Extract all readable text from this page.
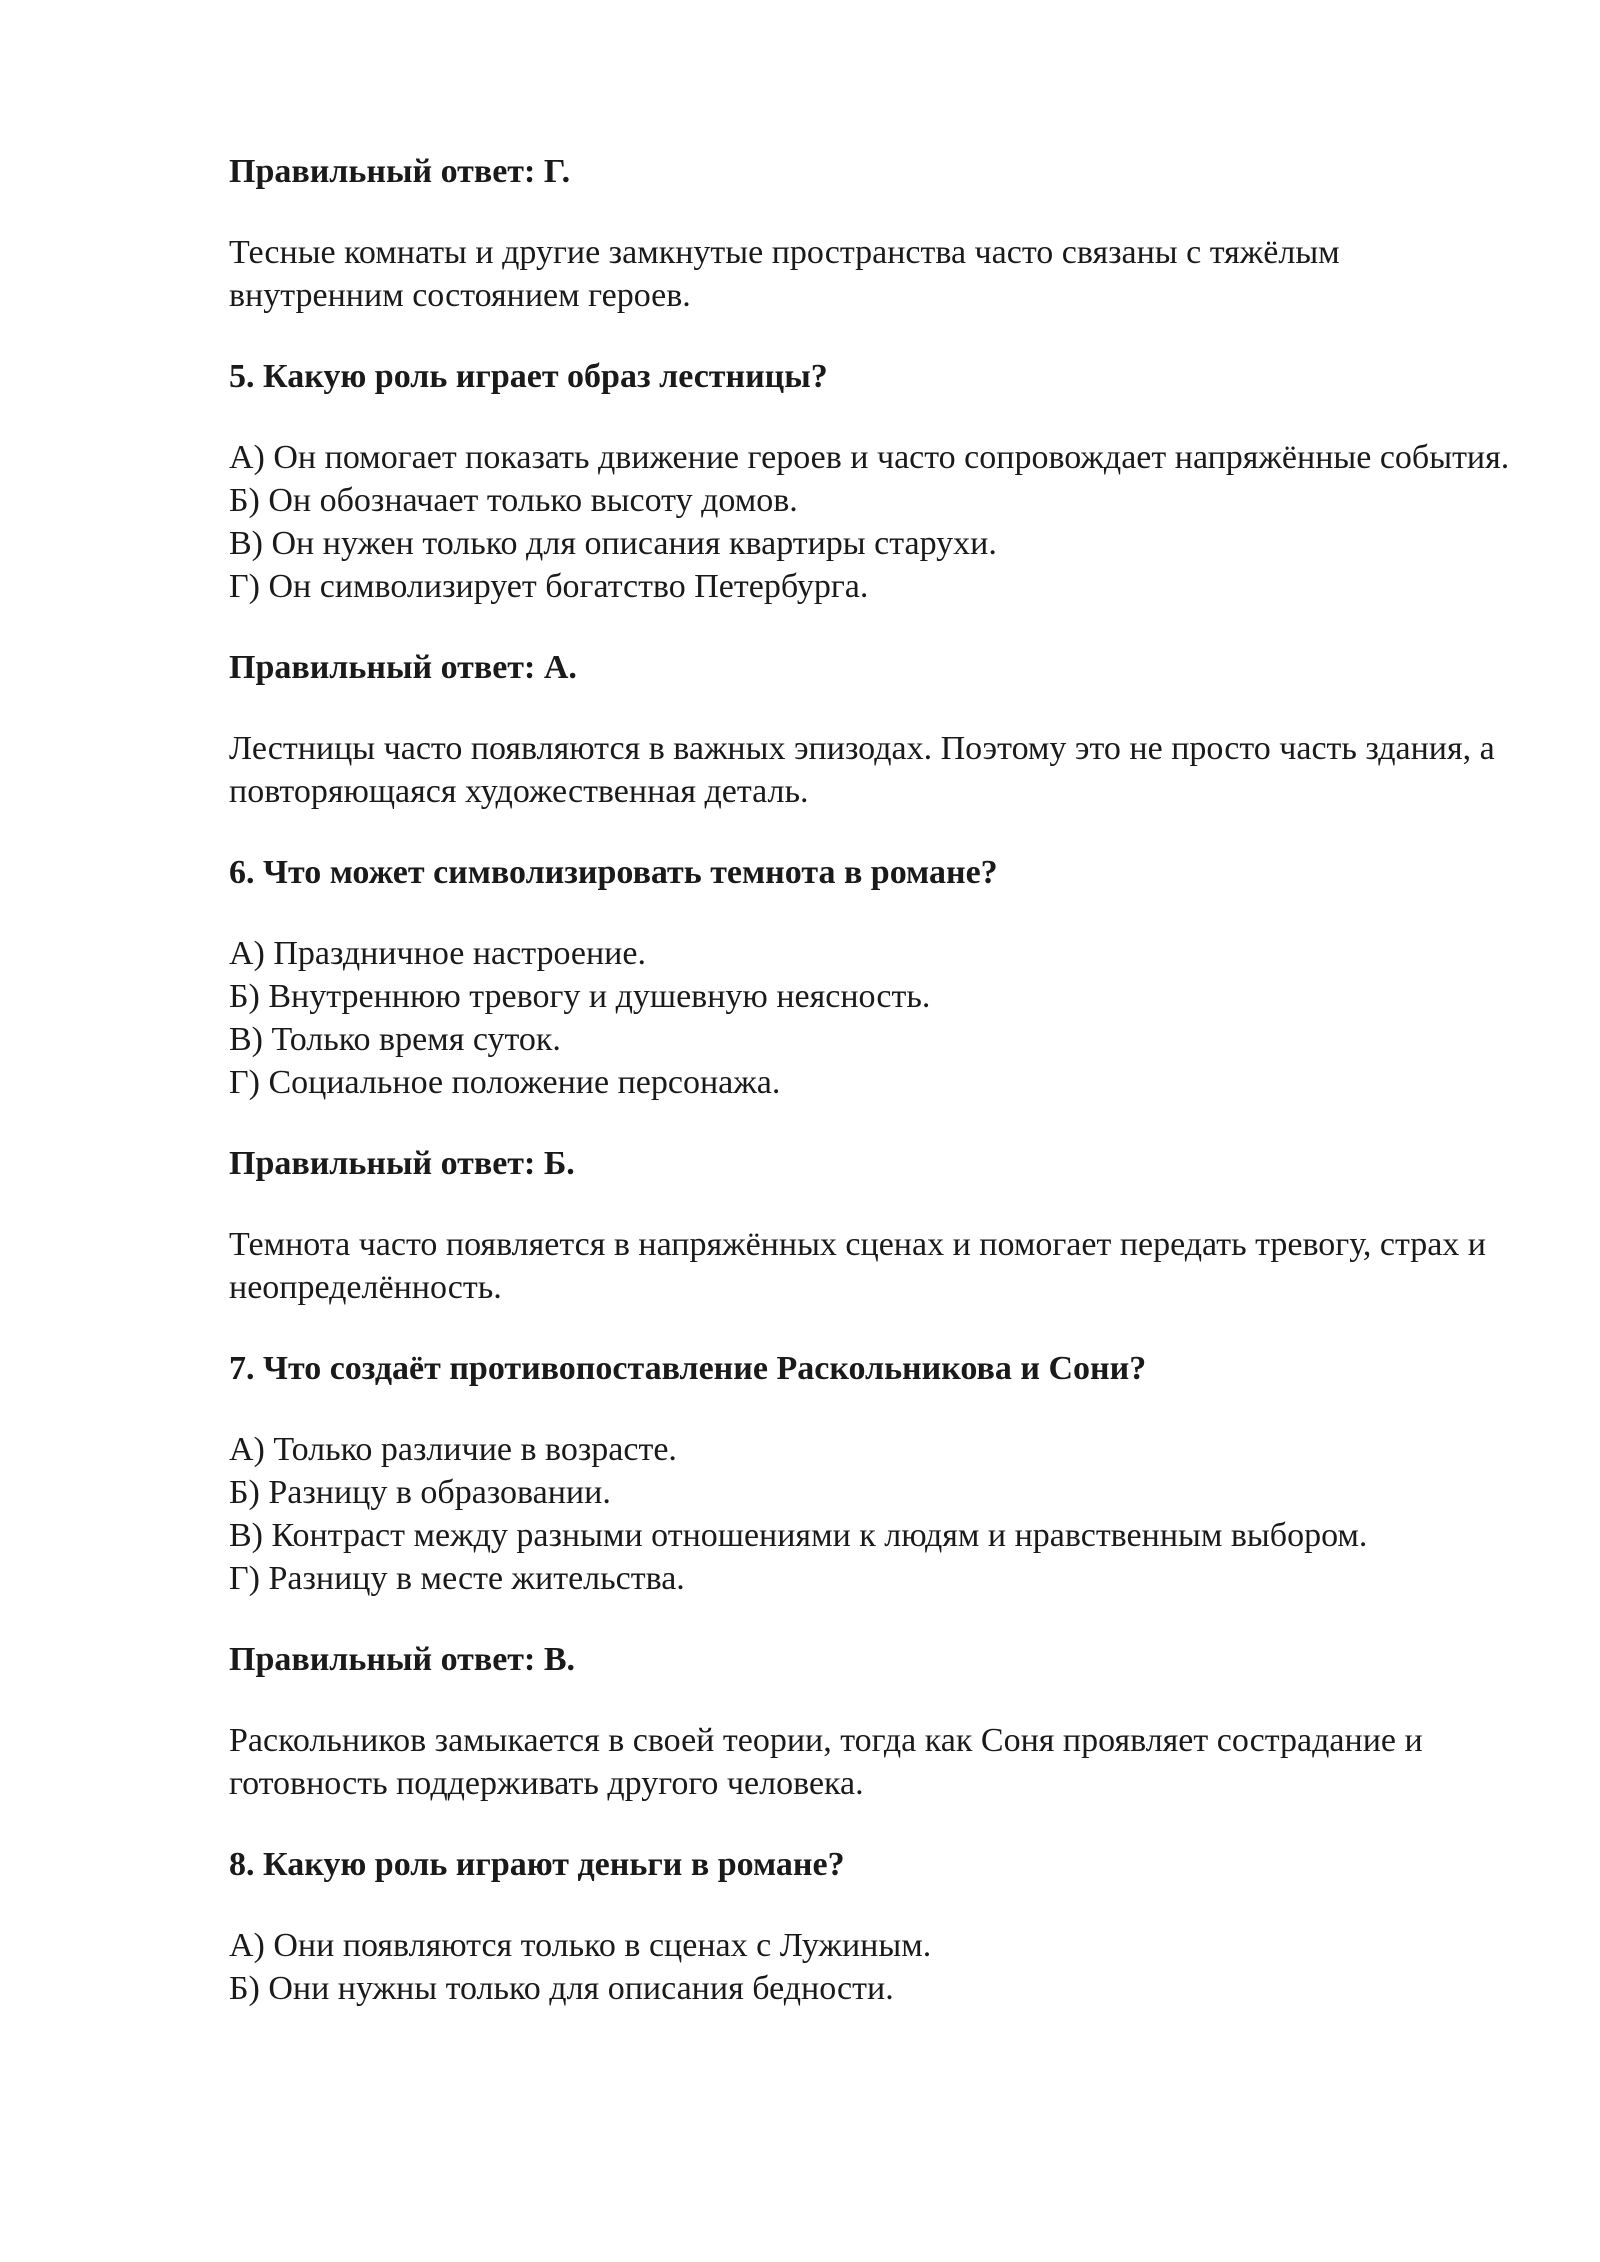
Правильный ответ: Г.

Тесные комнаты и другие замкнутые пространства часто связаны с тяжёлым внутренним состоянием героев.

5. Какую роль играет образ лестницы?

А) Он помогает показать движение героев и часто сопровождает напряжённые события.
Б) Он обозначает только высоту домов.
В) Он нужен только для описания квартиры старухи.
Г) Он символизирует богатство Петербурга.

Правильный ответ: А.

Лестницы часто появляются в важных эпизодах. Поэтому это не просто часть здания, а повторяющаяся художественная деталь.

6. Что может символизировать темнота в романе?

А) Праздничное настроение.
Б) Внутреннюю тревогу и душевную неясность.
В) Только время суток.
Г) Социальное положение персонажа.

Правильный ответ: Б.

Темнота часто появляется в напряжённых сценах и помогает передать тревогу, страх и неопределённость.

7. Что создаёт противопоставление Раскольникова и Сони?

А) Только различие в возрасте.
Б) Разницу в образовании.
В) Контраст между разными отношениями к людям и нравственным выбором.
Г) Разницу в месте жительства.

Правильный ответ: В.

Раскольников замыкается в своей теории, тогда как Соня проявляет сострадание и готовность поддерживать другого человека.

8. Какую роль играют деньги в романе?

А) Они появляются только в сценах с Лужиным.
Б) Они нужны только для описания бедности.
